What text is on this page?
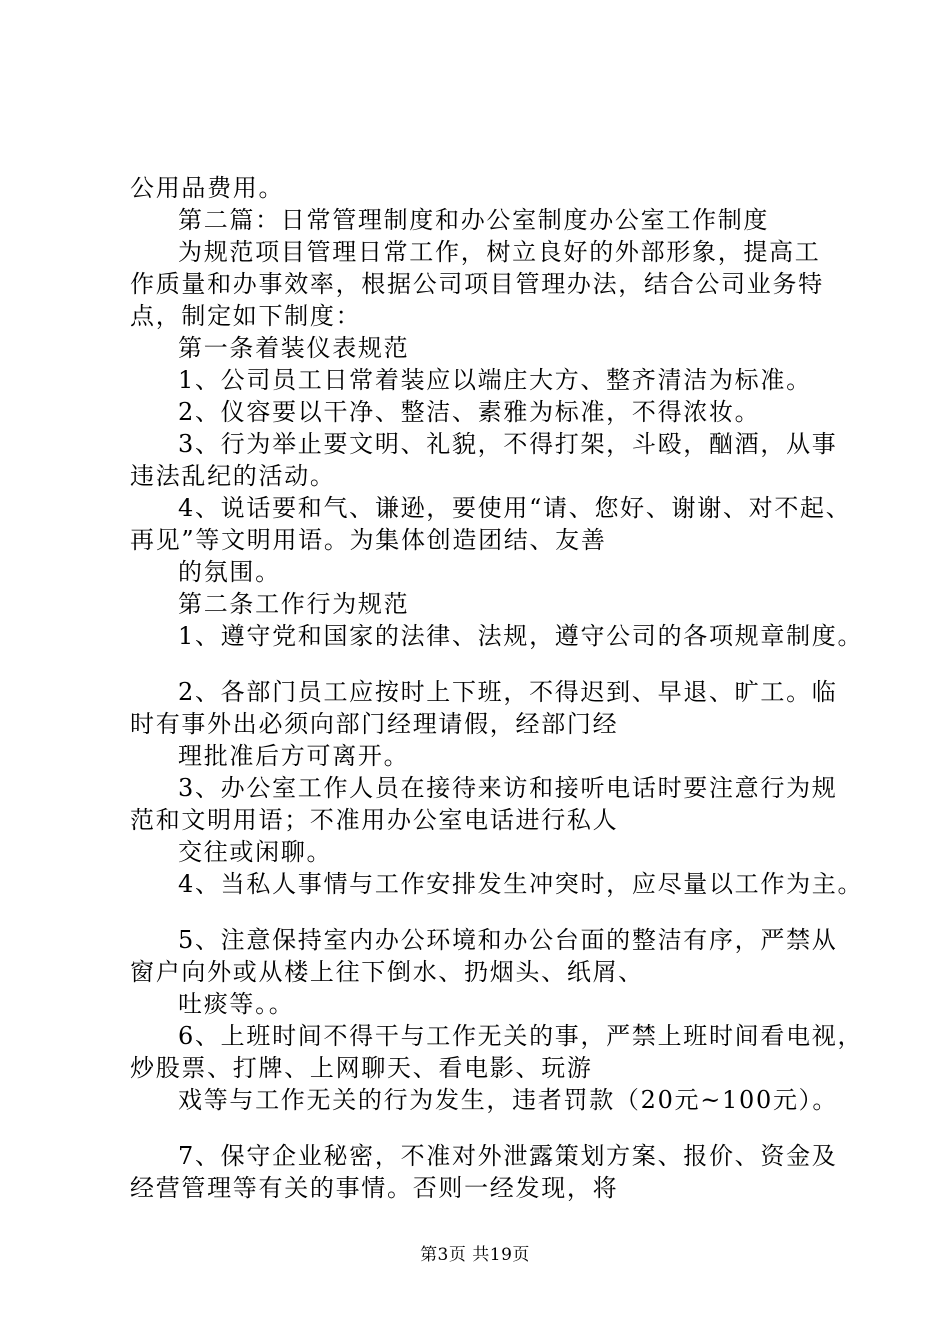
公用品费用。
第二篇：日常管理制度和办公室制度办公室工作制度
为规范项目管理日常工作，树立良好的外部形象，提高工
作质量和办事效率，根据公司项目管理办法，结合公司业务特
点，制定如下制度：
第一条着装仪表规范
1、公司员工日常着装应以端庄大方、整齐清洁为标准。
2、仪容要以干净、整洁、素雅为标准，不得浓妆。
3、行为举止要文明、礼貌，不得打架，斗殴，酗酒，从事
违法乱纪的活动。
4、说话要和气、谦逊，要使用“请、您好、谢谢、对不起、
再见”等文明用语。为集体创造团结、友善
的氛围。
第二条工作行为规范
1、遵守党和国家的法律、法规，遵守公司的各项规章制度。
2、各部门员工应按时上下班，不得迟到、早退、旷工。临
时有事外出必须向部门经理请假，经部门经
理批准后方可离开。
3、办公室工作人员在接待来访和接听电话时要注意行为规
范和文明用语；不准用办公室电话进行私人
交往或闲聊。
4、当私人事情与工作安排发生冲突时，应尽量以工作为主。
5、注意保持室内办公环境和办公台面的整洁有序，严禁从
窗户向外或从楼上往下倒水、扔烟头、纸屑、
吐痰等。。
6、上班时间不得干与工作无关的事，严禁上班时间看电视，
炒股票、打牌、上网聊天、看电影、玩游
戏等与工作无关的行为发生，违者罚款（20元~100元）。
7、保守企业秘密，不准对外泄露策划方案、报价、资金及
经营管理等有关的事情。否则一经发现，将
第3页 共19页
